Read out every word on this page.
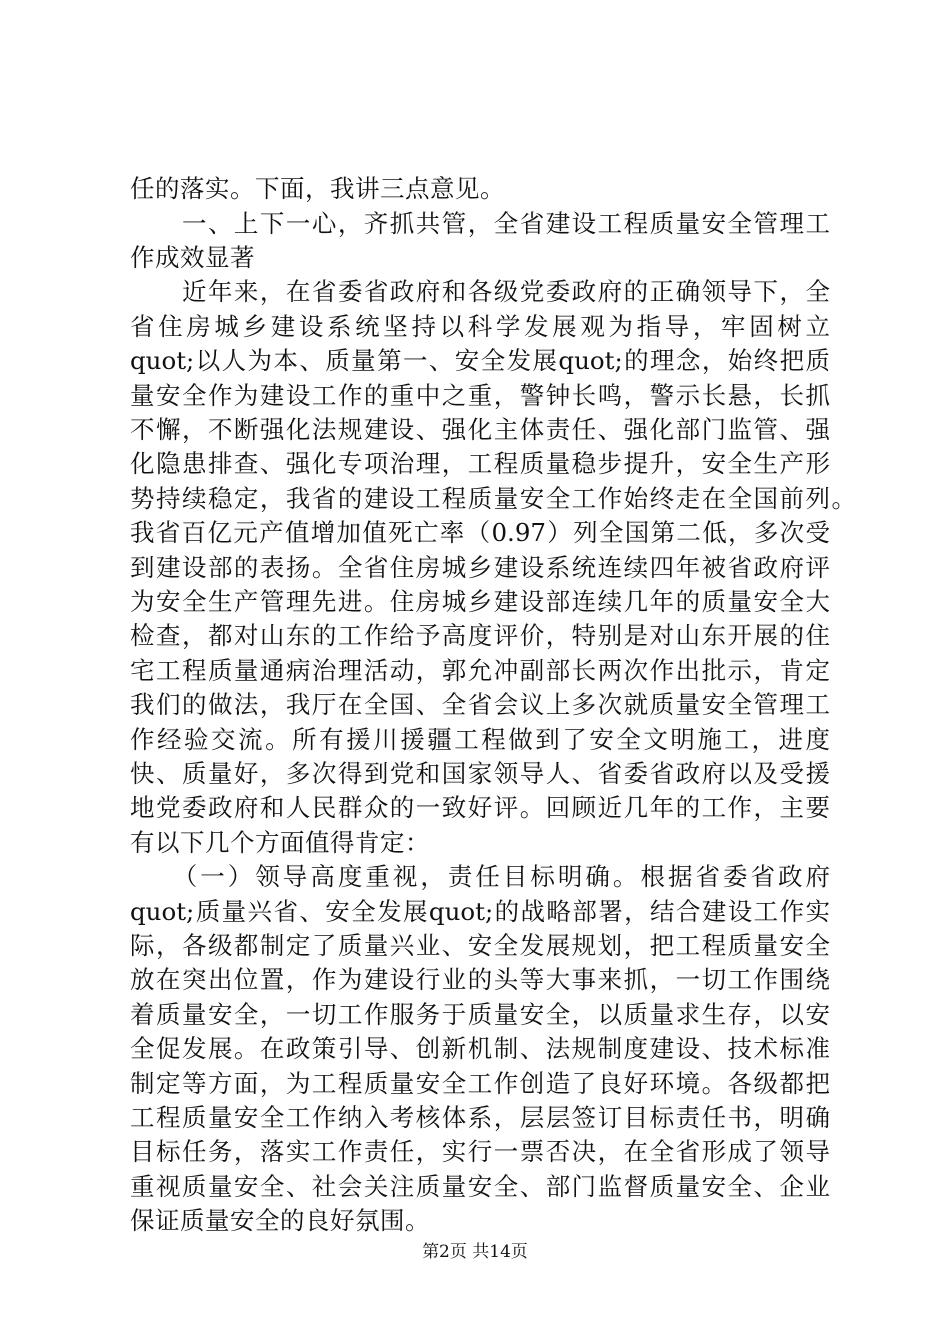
任的落实。下面，我讲三点意见。
　　一、上下一心，齐抓共管，全省建设工程质量安全管理工
作成效显著
　　近年来，在省委省政府和各级党委政府的正确领导下，全
省住房城乡建设系统坚持以科学发展观为指导，牢固树立
quot;以人为本、质量第一、安全发展quot;的理念，始终把质
量安全作为建设工作的重中之重，警钟长鸣，警示长悬，长抓
不懈，不断强化法规建设、强化主体责任、强化部门监管、强
化隐患排查、强化专项治理，工程质量稳步提升，安全生产形
势持续稳定，我省的建设工程质量安全工作始终走在全国前列。
我省百亿元产值增加值死亡率（0.97）列全国第二低，多次受
到建设部的表扬。全省住房城乡建设系统连续四年被省政府评
为安全生产管理先进。住房城乡建设部连续几年的质量安全大
检查，都对山东的工作给予高度评价，特别是对山东开展的住
宅工程质量通病治理活动，郭允冲副部长两次作出批示，肯定
我们的做法，我厅在全国、全省会议上多次就质量安全管理工
作经验交流。所有援川援疆工程做到了安全文明施工，进度
快、质量好，多次得到党和国家领导人、省委省政府以及受援
地党委政府和人民群众的一致好评。回顾近几年的工作，主要
有以下几个方面值得肯定：
　　（一）领导高度重视，责任目标明确。根据省委省政府
quot;质量兴省、安全发展quot;的战略部署，结合建设工作实
际，各级都制定了质量兴业、安全发展规划，把工程质量安全
放在突出位置，作为建设行业的头等大事来抓，一切工作围绕
着质量安全，一切工作服务于质量安全，以质量求生存，以安
全促发展。在政策引导、创新机制、法规制度建设、技术标准
制定等方面，为工程质量安全工作创造了良好环境。各级都把
工程质量安全工作纳入考核体系，层层签订目标责任书，明确
目标任务，落实工作责任，实行一票否决，在全省形成了领导
重视质量安全、社会关注质量安全、部门监督质量安全、企业
保证质量安全的良好氛围。
第2页 共14页
